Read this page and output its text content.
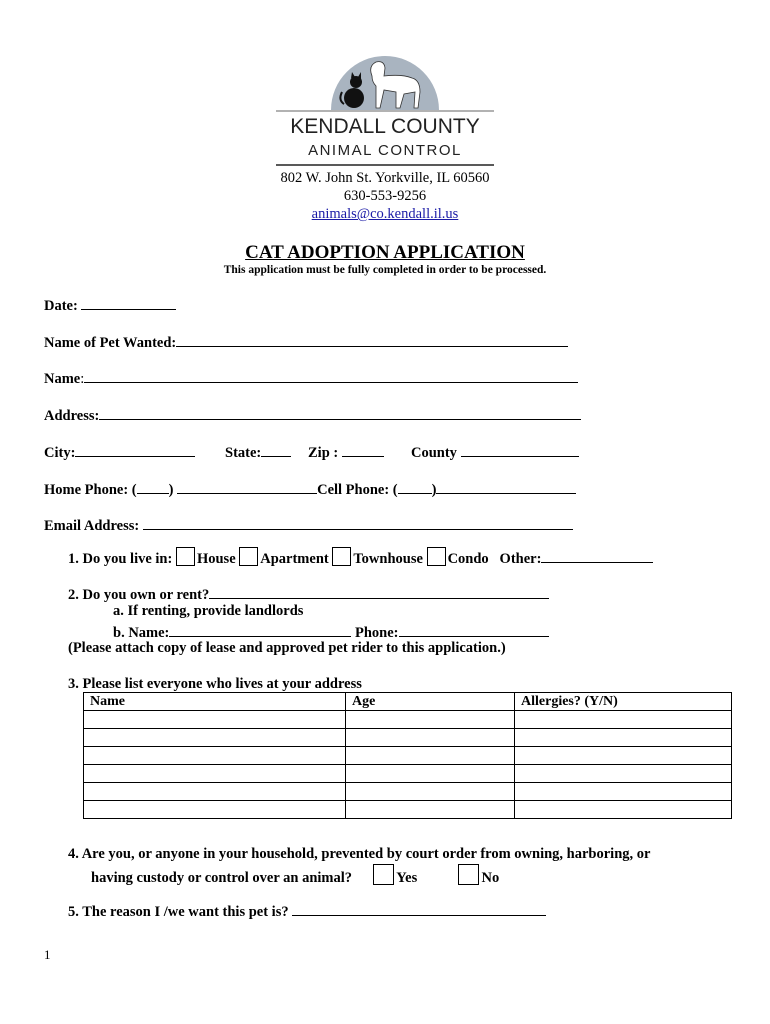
KENDALL COUNTY
ANIMAL CONTROL
802 W. John St. Yorkville, IL 60560
630-553-9256
animals@co.kendall.il.us
CAT ADOPTION APPLICATION
This application must be fully completed in order to be processed.
Date:
Name of Pet Wanted:
Name:
Address:
City:	State:	Zip :	County
Home Phone: ( )	Cell Phone: ( )
Email Address:
1. Do you live in: House Apartment Townhouse Condo Other:
2. Do you own or rent?
a. If renting, provide landlords
b. Name:	Phone:
(Please attach copy of lease and approved pet rider to this application.)
3. Please list everyone who lives at your address
Name	Age	Allergies? (Y/N)

4. Are you, or anyone in your household, prevented by court order from owning, harboring, or
having custody or control over an animal?	Yes	No
5. The reason I /we want this pet is?
1
